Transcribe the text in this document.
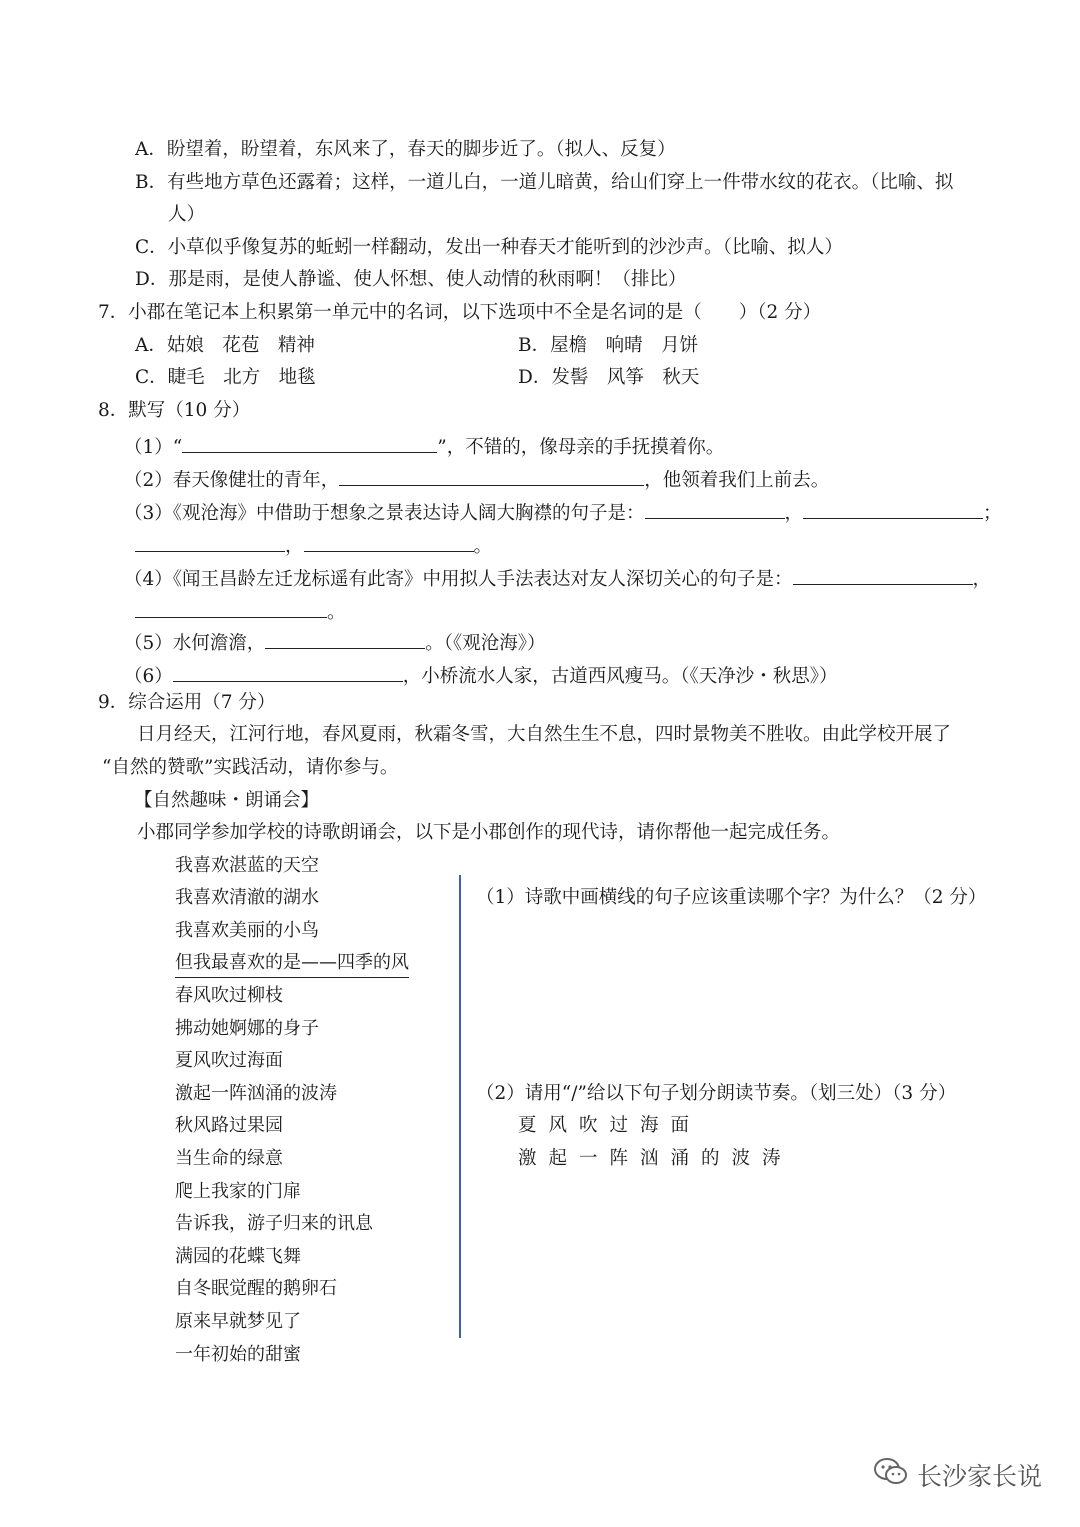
A．盼望着，盼望着，东风来了，春天的脚步近了。（拟人、反复）
B．有些地方草色还露着；这样，一道儿白，一道儿暗黄，给山们穿上一件带水纹的花衣。（比喻、拟
人）
C．小草似乎像复苏的蚯蚓一样翻动，发出一种春天才能听到的沙沙声。（比喻、拟人）
D．那是雨，是使人静谧、使人怀想、使人动情的秋雨啊！（排比）
7．小郡在笔记本上积累第一单元中的名词，以下选项中不全是名词的是（　　）（2 分）
A．姑娘　花苞　精神	B．屋檐　响晴　月饼
C．睫毛　北方　地毯	D．发髻　风筝　秋天
8．默写（10 分）
（1）“	”，不错的，像母亲的手抚摸着你。
（2）春天像健壮的青年，	，他领着我们上前去。
（3）《观沧海》中借助于想象之景表达诗人阔大胸襟的句子是：	，	；
，	。
（4）《闻王昌龄左迁龙标遥有此寄》中用拟人手法表达对友人深切关心的句子是：	，
。
（5）水何澹澹，	。（《观沧海》）
（6）	，小桥流水人家，古道西风瘦马。（《天净沙・秋思》）
9．综合运用（7 分）
日月经天，江河行地，春风夏雨，秋霜冬雪，大自然生生不息，四时景物美不胜收。由此学校开展了
“自然的赞歌”实践活动，请你参与。
【自然趣味・朗诵会】
小郡同学参加学校的诗歌朗诵会，以下是小郡创作的现代诗，请你帮他一起完成任务。
我喜欢湛蓝的天空
我喜欢清澈的湖水
我喜欢美丽的小鸟
但我最喜欢的是——四季的风
春风吹过柳枝
拂动她婀娜的身子
夏风吹过海面
激起一阵汹涌的波涛
秋风路过果园
当生命的绿意
爬上我家的门扉
告诉我，游子归来的讯息
满园的花蝶飞舞
自冬眠觉醒的鹅卵石
原来早就梦见了
一年初始的甜蜜
（1）诗歌中画横线的句子应该重读哪个字？为什么？（2 分）
（2）请用“/”给以下句子划分朗读节奏。（划三处）（3 分）
夏风吹过海面
激起一阵汹涌的波涛
长沙家长说
